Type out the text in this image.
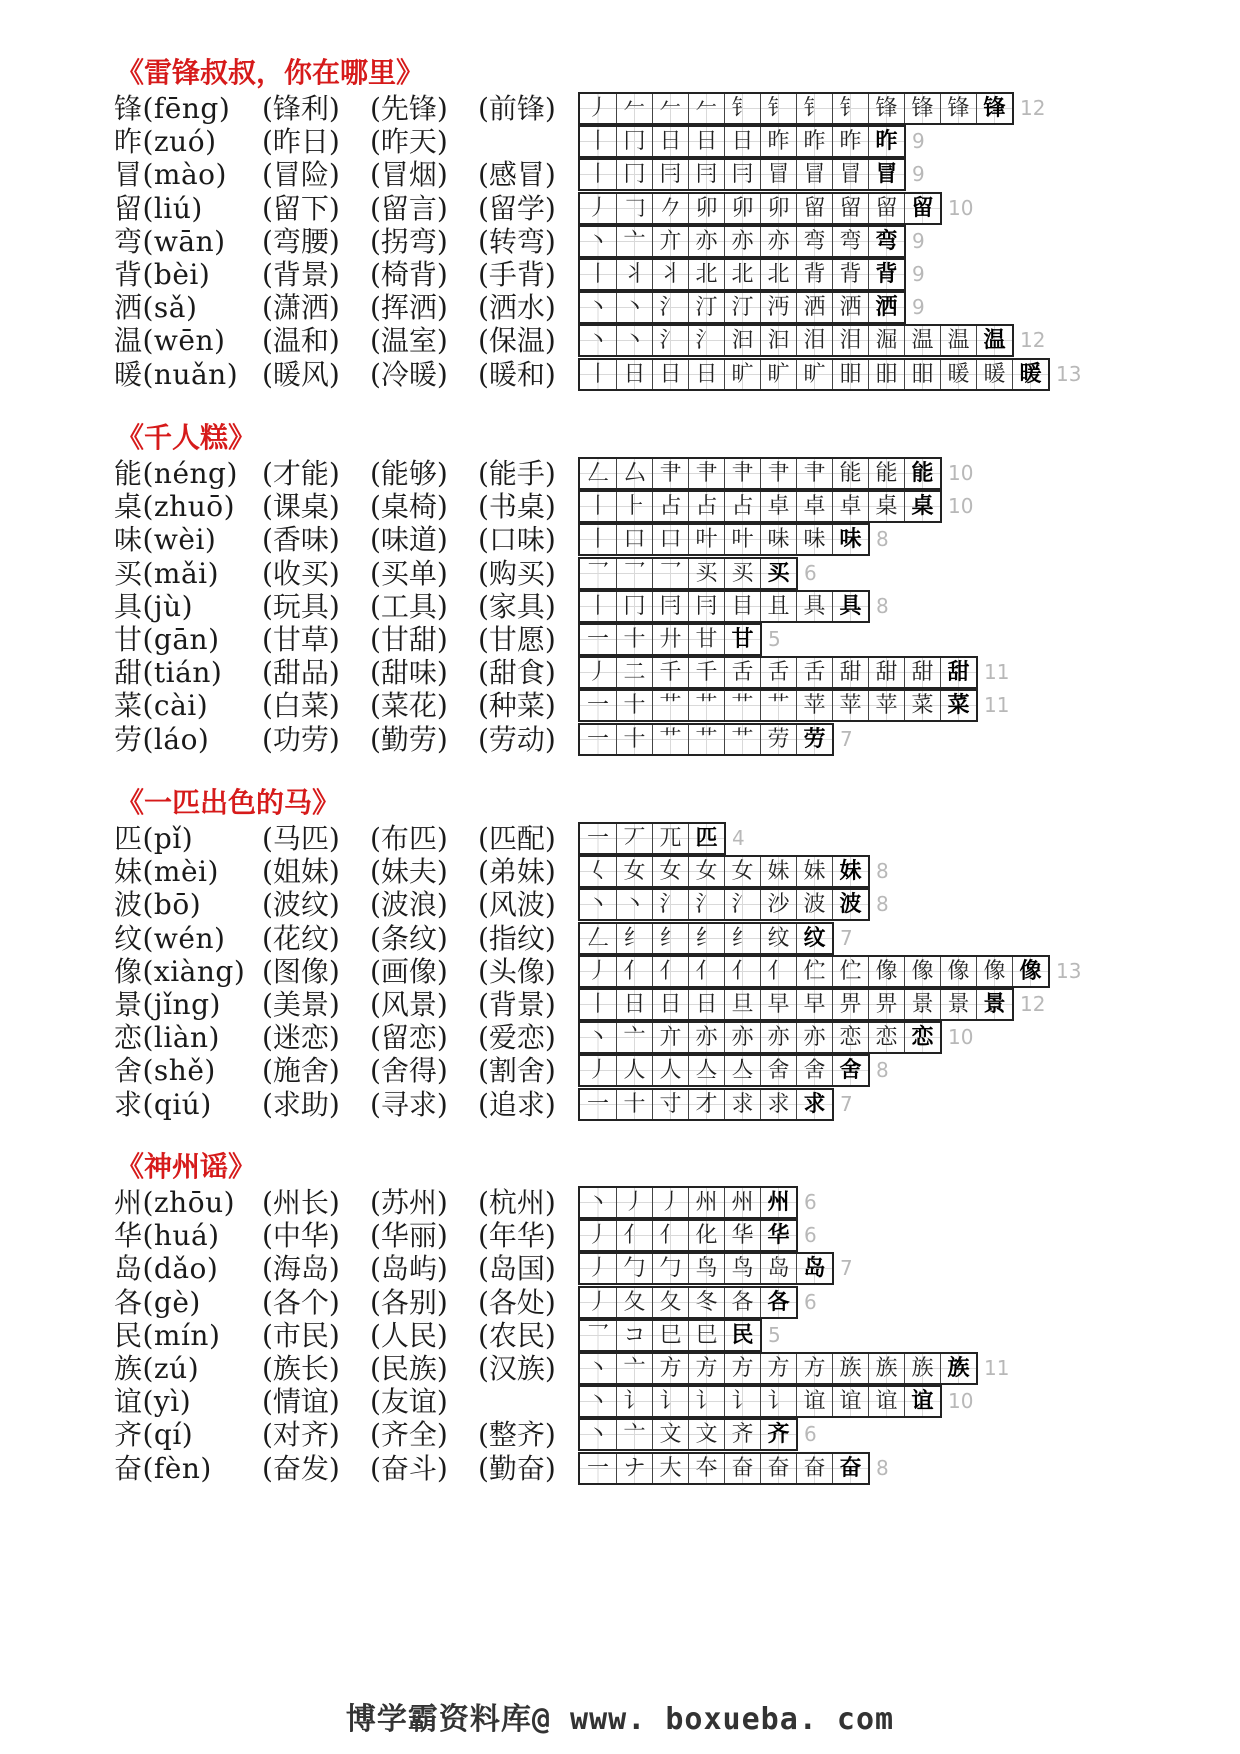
《雷锋叔叔，你在哪里》
锋(fēng) (锋利) (先锋) (前锋)	丿 𠂉 𠂉 𠂉 钅 钅 钅 钅 锋 锋 锋 锋 12
昨(zuó) (昨日) (昨天)	丨 冂 日 日 日 昨 昨 昨 昨 9
冒(mào) (冒险) (冒烟) (感冒)	丨 冂 冃 冃 冃 冒 冒 冒 冒 9
留(liú) (留下) (留言) (留学)	丿 𠃌 𠂊 卯 卯 卯 留 留 留 留 10
弯(wān) (弯腰) (拐弯) (转弯)	丶 亠 亣 亦 亦 亦 弯 弯 弯 9
背(bèi) (背景) (椅背) (手背)	丨 丬 丬 北 北 北 背 背 背 9
洒(sǎ) (潇洒) (挥洒) (洒水)	丶 丶 氵 汀 汀 沔 洒 洒 洒 9
温(wēn) (温和) (温室) (保温)	丶 丶 氵 氵 汩 汩 泪 泪 淈 温 温 温 12
暖(nuǎn) (暖风) (冷暖) (暖和)	丨 日 日 日 旷 旷 旷 昍 昍 昍 暖 暖 暖 13
《千人糕》
能(néng) (才能) (能够) (能手)	𠃋 厶 肀 肀 肀 肀 肀 能 能 能 10
桌(zhuō) (课桌) (桌椅) (书桌)	丨 ⺊ 占 占 占 卓 卓 卓 桌 桌 10
味(wèi) (香味) (味道) (口味)	丨 口 口 叶 叶 味 味 味 8
买(mǎi) (收买) (买单) (购买)	乛 乛 乛 买 买 买 6
具(jù) (玩具) (工具) (家具)	丨 冂 冃 冃 目 且 具 具 8
甘(gān) (甘草) (甘甜) (甘愿)	一 十 廾 甘 甘 5
甜(tián) (甜品) (甜味) (甜食)	丿 二 千 千 舌 舌 舌 甜 甜 甜 甜 11
菜(cài) (白菜) (菜花) (种菜)	一 十 艹 艹 艹 艹 苹 苹 苹 菜 菜 11
劳(láo) (功劳) (勤劳) (劳动)	一 十 艹 艹 艹 劳 劳 7
《一匹出色的马》
匹(pǐ) (马匹) (布匹) (匹配)	一 丆 兀 匹 4
妹(mèi) (姐妹) (妹夫) (弟妹)	𡿨 女 女 女 女 妹 妹 妹 8
波(bō) (波纹) (波浪) (风波)	丶 丶 氵 氵 氵 沙 波 波 8
纹(wén) (花纹) (条纹) (指纹)	𠃋 纟 纟 纟 纟 纹 纹 7
像(xiàng) (图像) (画像) (头像)	丿 亻 亻 亻 亻 亻 伫 伫 像 像 像 像 像 13
景(jǐng) (美景) (风景) (背景)	丨 日 日 日 旦 早 早 畀 畀 景 景 景 12
恋(liàn) (迷恋) (留恋) (爱恋)	丶 亠 亣 亦 亦 亦 亦 恋 恋 恋 10
舍(shě) (施舍) (舍得) (割舍)	丿 人 人 亼 亼 舍 舍 舍 8
求(qiú) (求助) (寻求) (追求)	一 十 寸 才 求 求 求 7
《神州谣》
州(zhōu) (州长) (苏州) (杭州)	丶 丿 丿 州 州 州 6
华(huá) (中华) (华丽) (年华)	丿 亻 亻 化 华 华 6
岛(dǎo) (海岛) (岛屿) (岛国)	丿 勹 勹 鸟 鸟 岛 岛 7
各(gè) (各个) (各别) (各处)	丿 夂 夂 冬 各 各 6
民(mín) (市民) (人民) (农民)	乛 コ 巳 巳 民 5
族(zú) (族长) (民族) (汉族)	丶 亠 方 方 方 方 方 族 族 族 族 11
谊(yì)	(情谊) (友谊)	丶 讠 讠 讠 讠 讠 谊 谊 谊 谊 10
齐(qí) (对齐) (齐全) (整齐)	丶 亠 文 文 齐 齐 6
奋(fèn) (奋发) (奋斗) (勤奋)	一 ナ 大 夲 奋 奋 奋 奋 8
博学霸资料库@ www. boxueba. com
